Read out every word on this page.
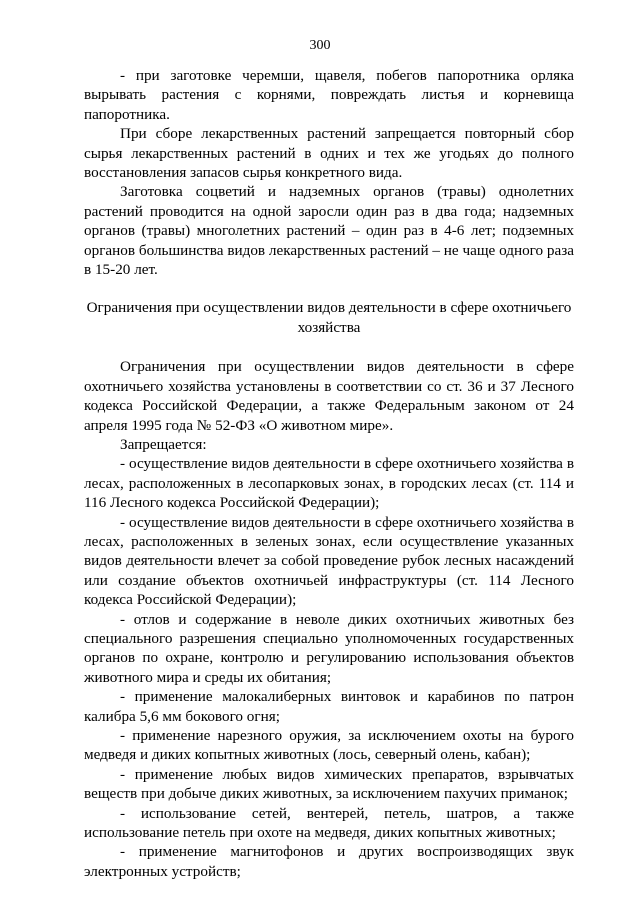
300

- при заготовке черемши, щавеля, побегов папоротника орляка вырывать растения с корнями, повреждать листья и корневища папоротника.

При сборе лекарственных растений запрещается повторный сбор сырья лекарственных растений в одних и тех же угодьях до полного восстановления запасов сырья конкретного вида.

Заготовка соцветий и надземных органов (травы) однолетних растений проводится на одной заросли один раз в два года; надземных органов (травы) многолетних растений – один раз в 4-6 лет; подземных органов большинства видов лекарственных растений – не чаще одного раза в 15-20 лет.

Ограничения при осуществлении видов деятельности в сфере охотничьего хозяйства

Ограничения при осуществлении видов деятельности в сфере охотничьего хозяйства установлены в соответствии со ст. 36 и 37 Лесного кодекса Российской Федерации, а также Федеральным законом от 24 апреля 1995 года № 52-ФЗ «О животном мире».

Запрещается:

- осуществление видов деятельности в сфере охотничьего хозяйства в лесах, расположенных в лесопарковых зонах, в городских лесах (ст. 114 и 116 Лесного кодекса Российской Федерации);

- осуществление видов деятельности в сфере охотничьего хозяйства в лесах, расположенных в зеленых зонах, если осуществление указанных видов деятельности влечет за собой проведение рубок лесных насаждений или создание объектов охотничьей инфраструктуры (ст. 114 Лесного кодекса Российской Федерации);

- отлов и содержание в неволе диких охотничьих животных без специального разрешения специально уполномоченных государственных органов по охране, контролю и регулированию использования объектов животного мира и среды их обитания;

- применение малокалиберных винтовок и карабинов по патрон калибра 5,6 мм бокового огня;

- применение нарезного оружия, за исключением охоты на бурого медведя и диких копытных животных (лось, северный олень, кабан);

- применение любых видов химических препаратов, взрывчатых веществ при добыче диких животных, за исключением пахучих приманок;

- использование сетей, вентерей, петель, шатров, а также использование петель при охоте на медведя, диких копытных животных;

- применение магнитофонов и других воспроизводящих звук электронных устройств;
